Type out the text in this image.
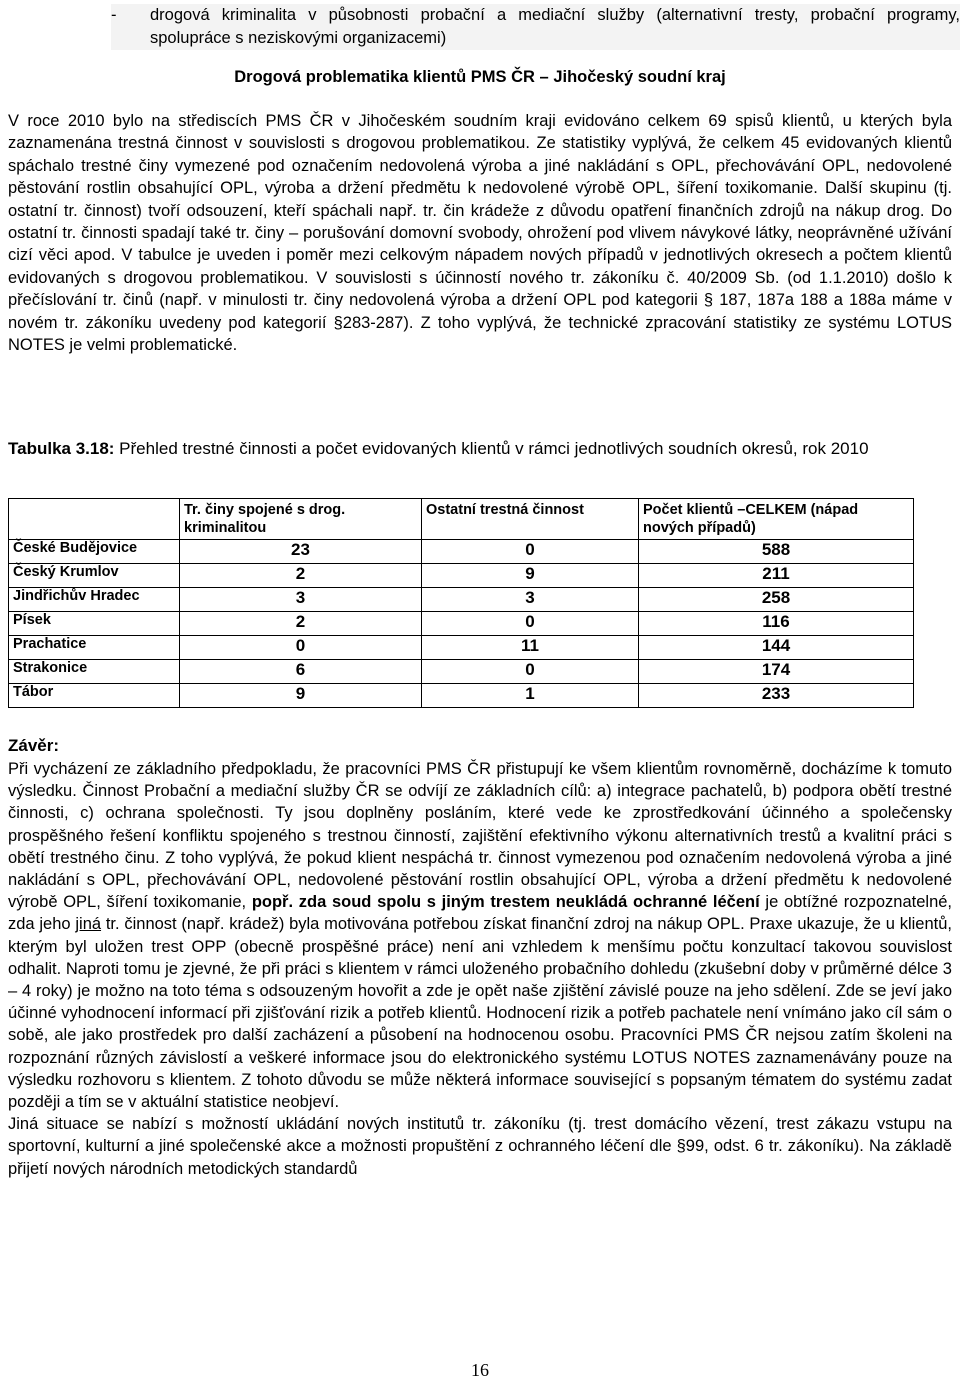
- drogová kriminalita v působnosti probační a mediační služby (alternativní tresty, probační programy, spolupráce s neziskovými organizacemi)
Drogová problematika klientů PMS ČR – Jihočeský soudní kraj
V roce 2010 bylo na střediscích PMS ČR v Jihočeském soudním kraji evidováno celkem 69 spisů klientů, u kterých byla zaznamenána trestná činnost v souvislosti s drogovou problematikou. Ze statistiky vyplývá, že celkem 45 evidovaných klientů spáchalo trestné činy vymezené pod označením nedovolená výroba a jiné nakládání s OPL, přechovávání OPL, nedovolené pěstování rostlin obsahující OPL, výroba a držení předmětu k nedovolené výrobě OPL, šíření toxikomanie. Další skupinu (tj. ostatní tr. činnost) tvoří odsouzení, kteří spáchali např. tr. čin krádeže z důvodu opatření finančních zdrojů na nákup drog. Do ostatní tr. činnosti spadají také tr. činy – porušování domovní svobody, ohrožení pod vlivem návykové látky, neoprávněné užívání cizí věci apod. V tabulce je uveden i poměr mezi celkovým nápadem nových případů v jednotlivých okresech a počtem klientů evidovaných s drogovou problematikou. V souvislosti s účinností nového tr. zákoníku č. 40/2009 Sb. (od 1.1.2010) došlo k přečíslování tr. činů (např. v minulosti tr. činy nedovolená výroba a držení OPL pod kategorii § 187, 187a 188 a 188a máme v novém tr. zákoníku uvedeny pod kategorií §283-287). Z toho vyplývá, že technické zpracování statistiky ze systému LOTUS NOTES je velmi problematické.
Tabulka 3.18: Přehled trestné činnosti a počet evidovaných klientů v rámci jednotlivých soudních okresů, rok 2010
	Tr. činy spojené s drog. kriminalitou	Ostatní trestná činnost	Počet klientů –CELKEM (nápad nových případů)
České Budějovice	23	0	588
Český Krumlov	2	9	211
Jindřichův Hradec	3	3	258
Písek	2	0	116
Prachatice	0	11	144
Strakonice	6	0	174
Tábor	9	1	233
Závěr:
Při vycházení ze základního předpokladu, že pracovníci PMS ČR přistupují ke všem klientům rovnoměrně, docházíme k tomuto výsledku. Činnost Probační a mediační služby ČR se odvíjí ze základních cílů: a) integrace pachatelů, b) podpora obětí trestné činnosti, c) ochrana společnosti. Ty jsou doplněny posláním, které vede ke zprostředkování účinného a společensky prospěšného řešení konfliktu spojeného s trestnou činností, zajištění efektivního výkonu alternativních trestů a kvalitní práci s obětí trestného činu. Z toho vyplývá, že pokud klient nespáchá tr. činnost vymezenou pod označením nedovolená výroba a jiné nakládání s OPL, přechovávání OPL, nedovolené pěstování rostlin obsahující OPL, výroba a držení předmětu k nedovolené výrobě OPL, šíření toxikomanie, popř. zda soud spolu s jiným trestem neukládá ochranné léčení je obtížné rozpoznatelné, zda jeho jiná tr. činnost (např. krádež) byla motivována potřebou získat finanční zdroj na nákup OPL. Praxe ukazuje, že u klientů, kterým byl uložen trest OPP (obecně prospěšné práce) není ani vzhledem k menšímu počtu konzultací takovou souvislost odhalit. Naproti tomu je zjevné, že při práci s klientem v rámci uloženého probačního dohledu (zkušební doby v průměrné délce 3 – 4 roky) je možno na toto téma s odsouzeným hovořit a zde je opět naše zjištění závislé pouze na jeho sdělení. Zde se jeví jako účinné vyhodnocení informací při zjišťování rizik a potřeb klientů. Hodnocení rizik a potřeb pachatele není vnímáno jako cíl sám o sobě, ale jako prostředek pro další zacházení a působení na hodnocenou osobu. Pracovníci PMS ČR nejsou zatím školeni na rozpoznání různých závislostí a veškeré informace jsou do elektronického systému LOTUS NOTES zaznamenávány pouze na výsledku rozhovoru s klientem. Z tohoto důvodu se může některá informace související s popsaným tématem do systému zadat později a tím se v aktuální statistice neobjeví.
Jiná situace se nabízí s možností ukládání nových institutů tr. zákoníku (tj. trest domácího vězení, trest zákazu vstupu na sportovní, kulturní a jiné společenské akce a možnosti propuštění z ochranného léčení dle §99, odst. 6 tr. zákoníku). Na základě přijetí nových národních metodických standardů
16
